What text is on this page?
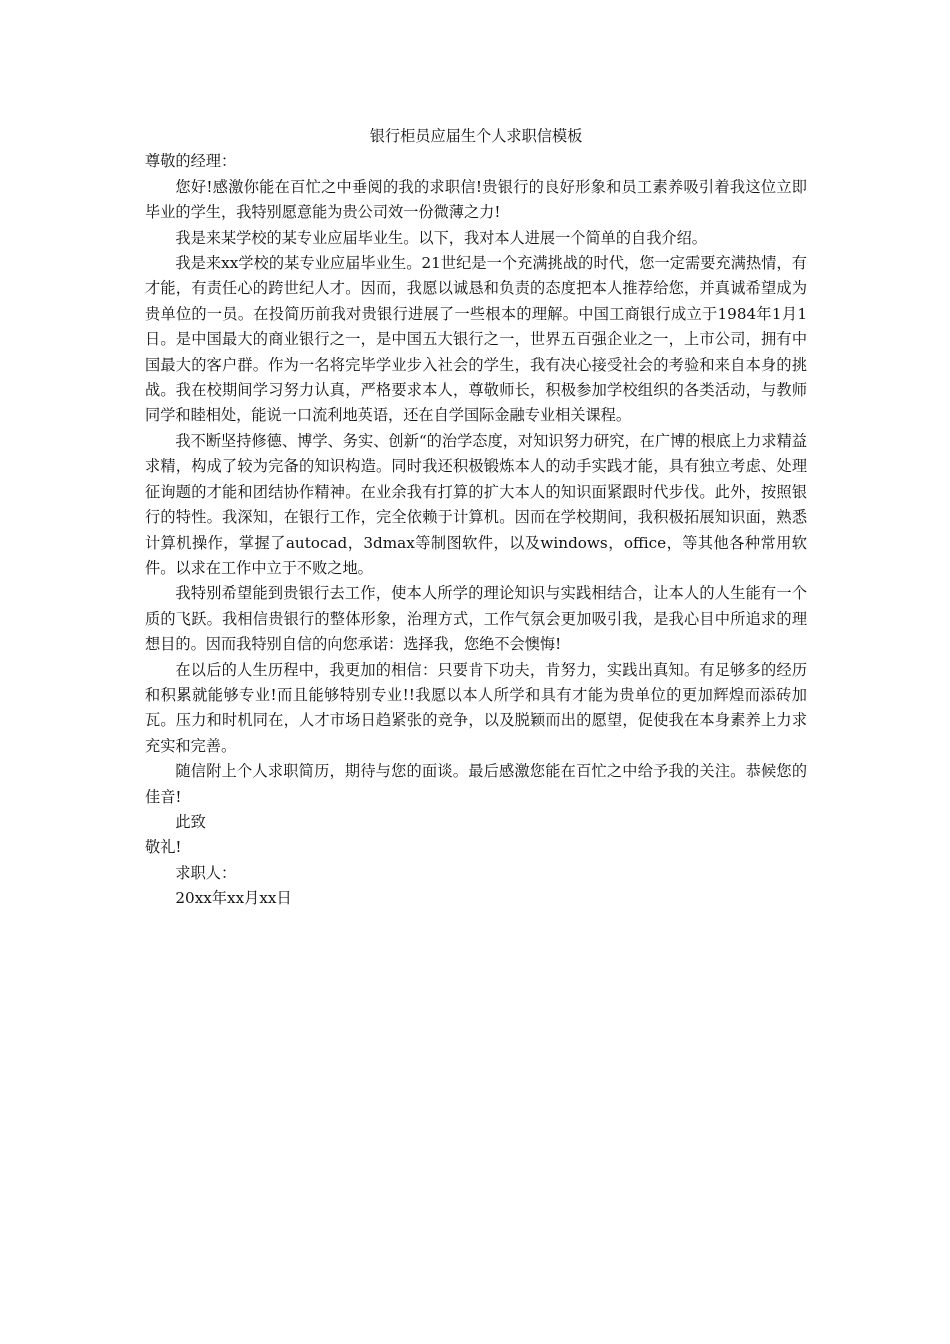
银行柜员应届生个人求职信模板

尊敬的经理：

您好!感激你能在百忙之中垂阅的我的求职信!贵银行的良好形象和员工素养吸引着我这位立即毕业的学生，我特别愿意能为贵公司效一份微薄之力!

我是来某学校的某专业应届毕业生。以下，我对本人进展一个简单的自我介绍。

我是来xx学校的某专业应届毕业生。21世纪是一个充满挑战的时代，您一定需要充满热情，有才能，有责任心的跨世纪人才。因而，我愿以诚恳和负责的态度把本人推荐给您，并真诚希望成为贵单位的一员。在投简历前我对贵银行进展了一些根本的理解。中国工商银行成立于1984年1月1日。是中国最大的商业银行之一，是中国五大银行之一，世界五百强企业之一，上市公司，拥有中国最大的客户群。作为一名将完毕学业步入社会的学生，我有决心接受社会的考验和来自本身的挑战。我在校期间学习努力认真，严格要求本人，尊敬师长，积极参加学校组织的各类活动，与教师同学和睦相处，能说一口流利地英语，还在自学国际金融专业相关课程。

我不断坚持修德、博学、务实、创新“的治学态度，对知识努力研究，在广博的根底上力求精益求精，构成了较为完备的知识构造。同时我还积极锻炼本人的动手实践才能，具有独立考虑、处理征询题的才能和团结协作精神。在业余我有打算的扩大本人的知识面紧跟时代步伐。此外，按照银行的特性。我深知，在银行工作，完全依赖于计算机。因而在学校期间，我积极拓展知识面，熟悉计算机操作，掌握了autocad，3dmax等制图软件，以及windows，office，等其他各种常用软件。以求在工作中立于不败之地。

我特别希望能到贵银行去工作，使本人所学的理论知识与实践相结合，让本人的人生能有一个质的飞跃。我相信贵银行的整体形象，治理方式，工作气氛会更加吸引我，是我心目中所追求的理想目的。因而我特别自信的向您承诺：选择我，您绝不会懊悔!

在以后的人生历程中，我更加的相信：只要肯下功夫，肯努力，实践出真知。有足够多的经历和积累就能够专业!而且能够特别专业!!我愿以本人所学和具有才能为贵单位的更加辉煌而添砖加瓦。压力和时机同在，人才市场日趋紧张的竞争，以及脱颖而出的愿望，促使我在本身素养上力求充实和完善。

随信附上个人求职简历，期待与您的面谈。最后感激您能在百忙之中给予我的关注。恭候您的佳音!

此致

敬礼!

求职人：

20xx年xx月xx日
